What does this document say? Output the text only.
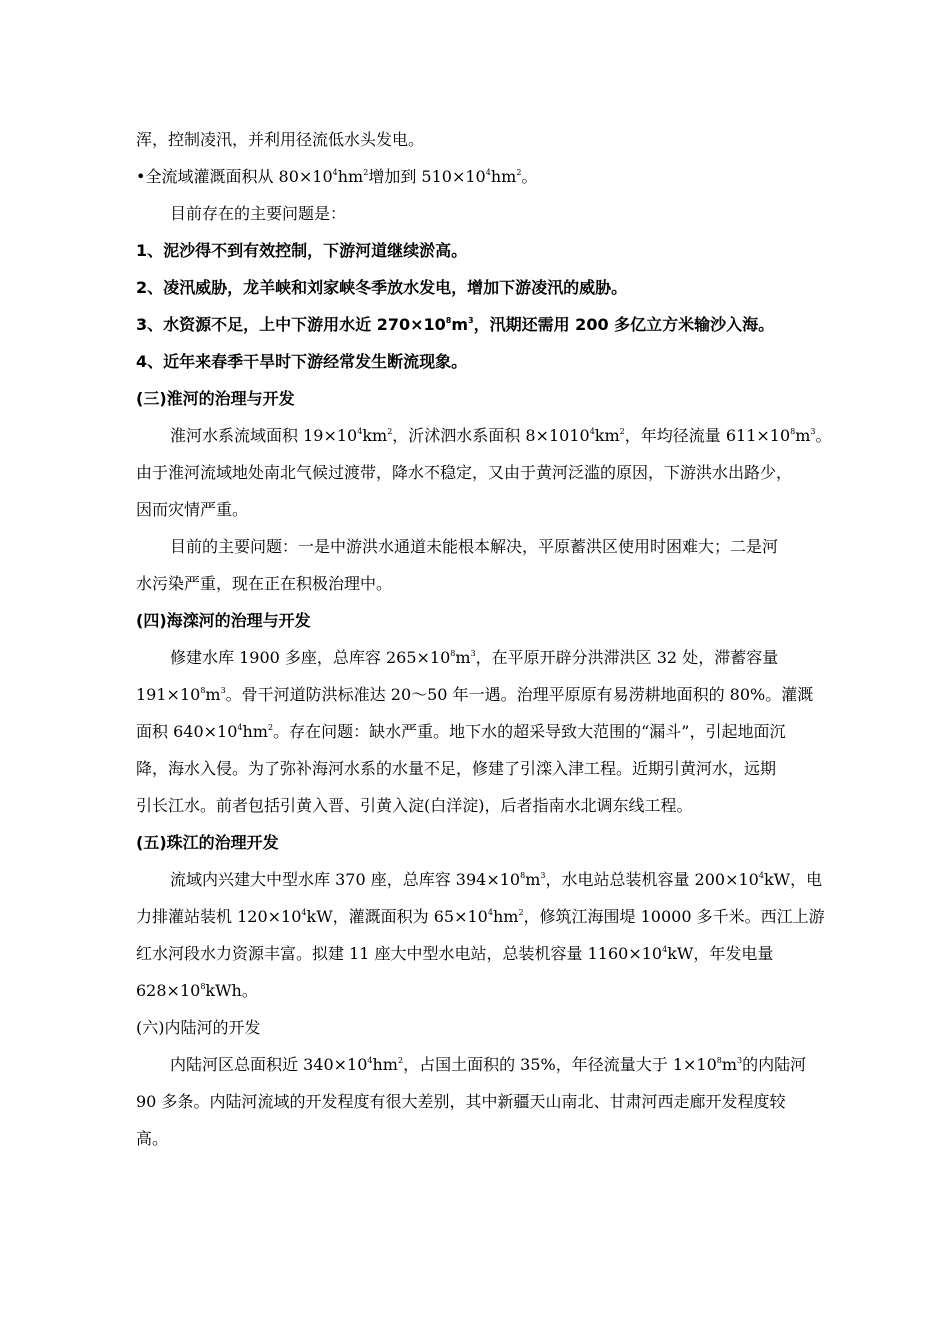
浑，控制凌汛，并利用径流低水头发电。
•全流域灌溉面积从 $80\times 10^4hm^2$增加到 $510\times 10^4hm^2$。
目前存在的主要问题是：
1、泥沙得不到有效控制，下游河道继续淤高。
2、凌汛威胁，龙羊峡和刘家峡冬季放水发电，增加下游凌汛的威胁。
3、水资源不足，上中下游用水近 $270\times 10^8m^3$，汛期还需用 200 多亿立方米输沙入海。
4、近年来春季干旱时下游经常发生断流现象。
(三)淮河的治理与开发
淮河水系流域面积 $19\times 10^4km^2$，沂沭泗水系面积 $8\times 1010^4km^2$，年均径流量 $611\times 10^8m^3$。
由于淮河流域地处南北气候过渡带，降水不稳定，又由于黄河泛滥的原因，下游洪水出路少，
因而灾情严重。
目前的主要问题：一是中游洪水通道未能根本解决，平原蓄洪区使用时困难大；二是河
水污染严重，现在正在积极治理中。
(四)海滦河的治理与开发
修建水库 1900 多座，总库容 $265\times 10^8m^3$，在平原开辟分洪滞洪区 32 处，滞蓄容量
$191\times 10^8m^3$。骨干河道防洪标准达 20～50 年一遇。治理平原原有易涝耕地面积的 80%。灌溉
面积 $640\times 10^4hm^2$。存在问题：缺水严重。地下水的超采导致大范围的“漏斗”，引起地面沉
降，海水入侵。为了弥补海河水系的水量不足，修建了引滦入津工程。近期引黄河水，远期
引长江水。前者包括引黄入晋、引黄入淀(白洋淀)，后者指南水北调东线工程。
(五)珠江的治理开发
流域内兴建大中型水库 370 座，总库容 $394\times 10^8m^3$，水电站总装机容量 $200\times 10^4kW$，电
力排灌站装机 $120\times 10^4kW$，灌溉面积为 $65\times 10^4hm^2$，修筑江海围堤 10000 多千米。西江上游
红水河段水力资源丰富。拟建 11 座大中型水电站，总装机容量 $1160\times 10^4kW$，年发电量
$628\times 10^8kWh$。
(六)内陆河的开发
内陆河区总面积近 $340\times 10^4hm^2$，占国土面积的 35%，年径流量大于 $1\times 10^8m^3$的内陆河
90 多条。内陆河流域的开发程度有很大差别，其中新疆天山南北、甘肃河西走廊开发程度较
高。
